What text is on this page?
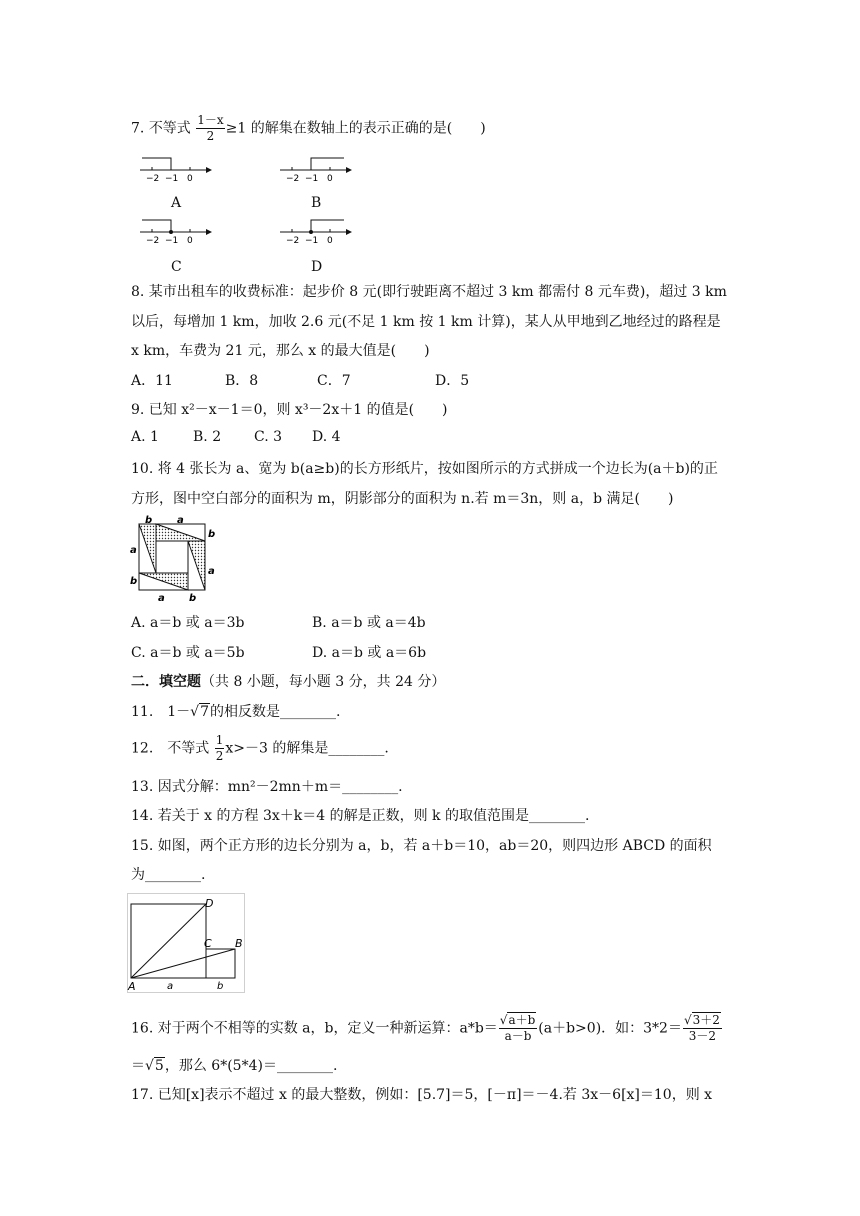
7. 不等式 $\frac{1-x}{2} \ge 1$ 的解集在数轴上的表示正确的是(　　)
−2 −1 0
A
−2 −1 0
B
−2 −1 0
C
−2 −1 0
D
8. 某市出租车的收费标准：起步价 8 元(即行驶距离不超过 3 km 都需付 8 元车费)，超过 3 km
以后，每增加 1 km，加收 2.6 元(不足 1 km 按 1 km 计算)，某人从甲地到乙地经过的路程是
x km，车费为 21 元，那么 x 的最大值是(　　)
A．11	B．8	C．7	D．5
9. 已知 x²－x－1＝0，则 x³－2x＋1 的值是(　　)
A. 1	B. 2	C. 3	D. 4
10. 将 4 张长为 a、宽为 b(a≥b)的长方形纸片，按如图所示的方式拼成一个边长为(a＋b)的正
方形，图中空白部分的面积为 m，阴影部分的面积为 n.若 m＝3n，则 a，b 满足(　　)
b a
a
b
b
a
a b
A. a＝b 或 a＝3b	B. a＝b 或 a＝4b
C. a＝b 或 a＝5b	D. a＝b 或 a＝6b
二．填空题（共 8 小题，每小题 3 分，共 24 分）
11.　1－√7的相反数是________.
12.　不等式 $\frac{1}{2} x>-3$ 的解集是________.
13. 因式分解：mn²－2mn＋m＝________.
14. 若关于 x 的方程 3x＋k＝4 的解是正数，则 k 的取值范围是________.
15. 如图，两个正方形的边长分别为 a，b，若 a＋b＝10，ab＝20，则四边形 ABCD 的面积
为________.
D
C B
A	a	b
16. 对于两个不相等的实数 a，b，定义一种新运算：$a*b= \frac{√a+b}{a-b} (a+b>0)$．如：$3*2= \frac{√3+2}{3-2}$
＝√5，那么 6*(5*4)＝________.
17. 已知[x]表示不超过 x 的最大整数，例如：[5.7]＝5，[－π]＝－4.若 3x－6[x]＝10，则 x
